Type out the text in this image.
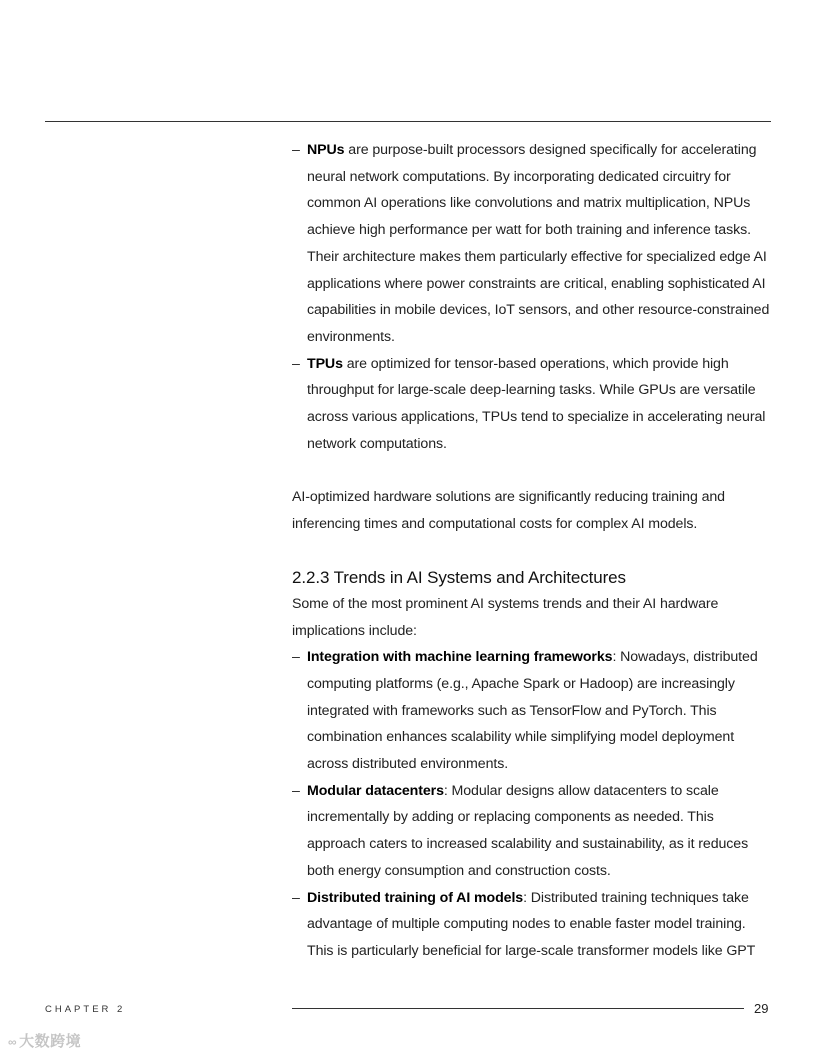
– NPUs are purpose-built processors designed specifically for accelerating neural network computations. By incorporating dedicated circuitry for common AI operations like convolutions and matrix multiplication, NPUs achieve high performance per watt for both training and inference tasks. Their architecture makes them particularly effective for specialized edge AI applications where power constraints are critical, enabling sophisticated AI capabilities in mobile devices, IoT sensors, and other resource-constrained environments.
– TPUs are optimized for tensor-based operations, which provide high throughput for large-scale deep-learning tasks. While GPUs are versatile across various applications, TPUs tend to specialize in accelerating neural network computations.

AI-optimized hardware solutions are significantly reducing training and inferencing times and computational costs for complex AI models.

2.2.3 Trends in AI Systems and Architectures

Some of the most prominent AI systems trends and their AI hardware implications include:

– Integration with machine learning frameworks: Nowadays, distributed computing platforms (e.g., Apache Spark or Hadoop) are increasingly integrated with frameworks such as TensorFlow and PyTorch. This combination enhances scalability while simplifying model deployment across distributed environments.
– Modular datacenters: Modular designs allow datacenters to scale incrementally by adding or replacing components as needed. This approach caters to increased scalability and sustainability, as it reduces both energy consumption and construction costs.
– Distributed training of AI models: Distributed training techniques take advantage of multiple computing nodes to enable faster model training. This is particularly beneficial for large-scale transformer models like GPT
CHAPTER 2	29
∞ 大数跨境
